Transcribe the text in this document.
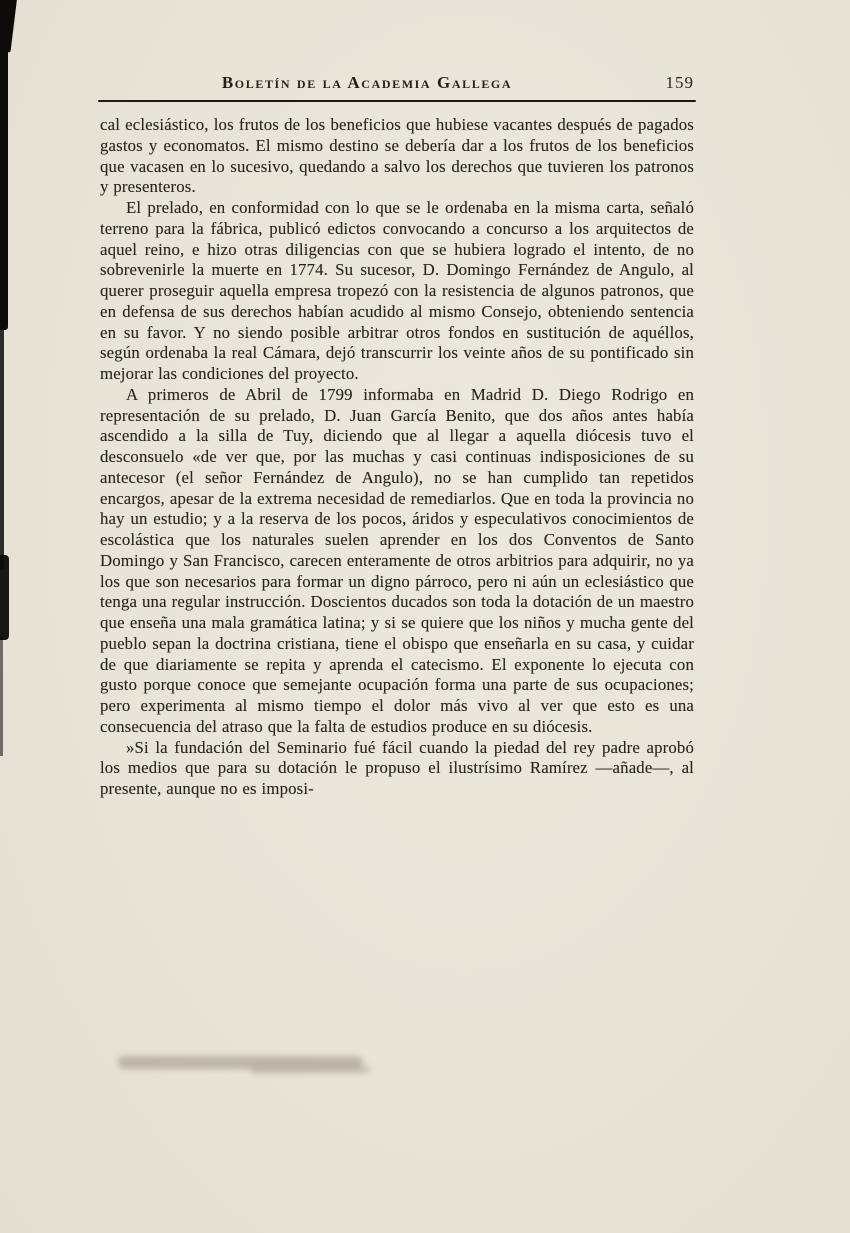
Boletín de la Academia Gallega	159

cal eclesiástico, los frutos de los beneficios que hubiese vacantes después de pagados gastos y economatos. El mismo destino se debería dar a los frutos de los beneficios que vacasen en lo sucesivo, quedando a salvo los derechos que tuvieren los patronos y presenteros.

El prelado, en conformidad con lo que se le ordenaba en la misma carta, señaló terreno para la fábrica, publicó edictos convocando a concurso a los arquitectos de aquel reino, e hizo otras diligencias con que se hubiera logrado el intento, de no sobrevenirle la muerte en 1774. Su sucesor, D. Domingo Fernández de Angulo, al querer proseguir aquella empresa tropezó con la resistencia de algunos patronos, que en defensa de sus derechos habían acudido al mismo Consejo, obteniendo sentencia en su favor. Y no siendo posible arbitrar otros fondos en sustitución de aquéllos, según ordenaba la real Cámara, dejó transcurrir los veinte años de su pontificado sin mejorar las condiciones del proyecto.

A primeros de Abril de 1799 informaba en Madrid D. Diego Rodrigo en representación de su prelado, D. Juan García Benito, que dos años antes había ascendido a la silla de Tuy, diciendo que al llegar a aquella diócesis tuvo el desconsuelo «de ver que, por las muchas y casi continuas indisposiciones de su antecesor (el señor Fernández de Angulo), no se han cumplido tan repetidos encargos, apesar de la extrema necesidad de remediarlos. Que en toda la provincia no hay un estudio; y a la reserva de los pocos, áridos y especulativos conocimientos de escolástica que los naturales suelen aprender en los dos Conventos de Santo Domingo y San Francisco, carecen enteramente de otros arbitrios para adquirir, no ya los que son necesarios para formar un digno párroco, pero ni aún un eclesiástico que tenga una regular instrucción. Doscientos ducados son toda la dotación de un maestro que enseña una mala gramática latina; y si se quiere que los niños y mucha gente del pueblo sepan la doctrina cristiana, tiene el obispo que enseñarla en su casa, y cuidar de que diariamente se repita y aprenda el catecismo. El exponente lo ejecuta con gusto porque conoce que semejante ocupación forma una parte de sus ocupaciones; pero experimenta al mismo tiempo el dolor más vivo al ver que esto es una consecuencia del atraso que la falta de estudios produce en su diócesis.

»Si la fundación del Seminario fué fácil cuando la piedad del rey padre aprobó los medios que para su dotación le propuso el ilustrísimo Ramírez —añade—, al presente, aunque no es imposi-
